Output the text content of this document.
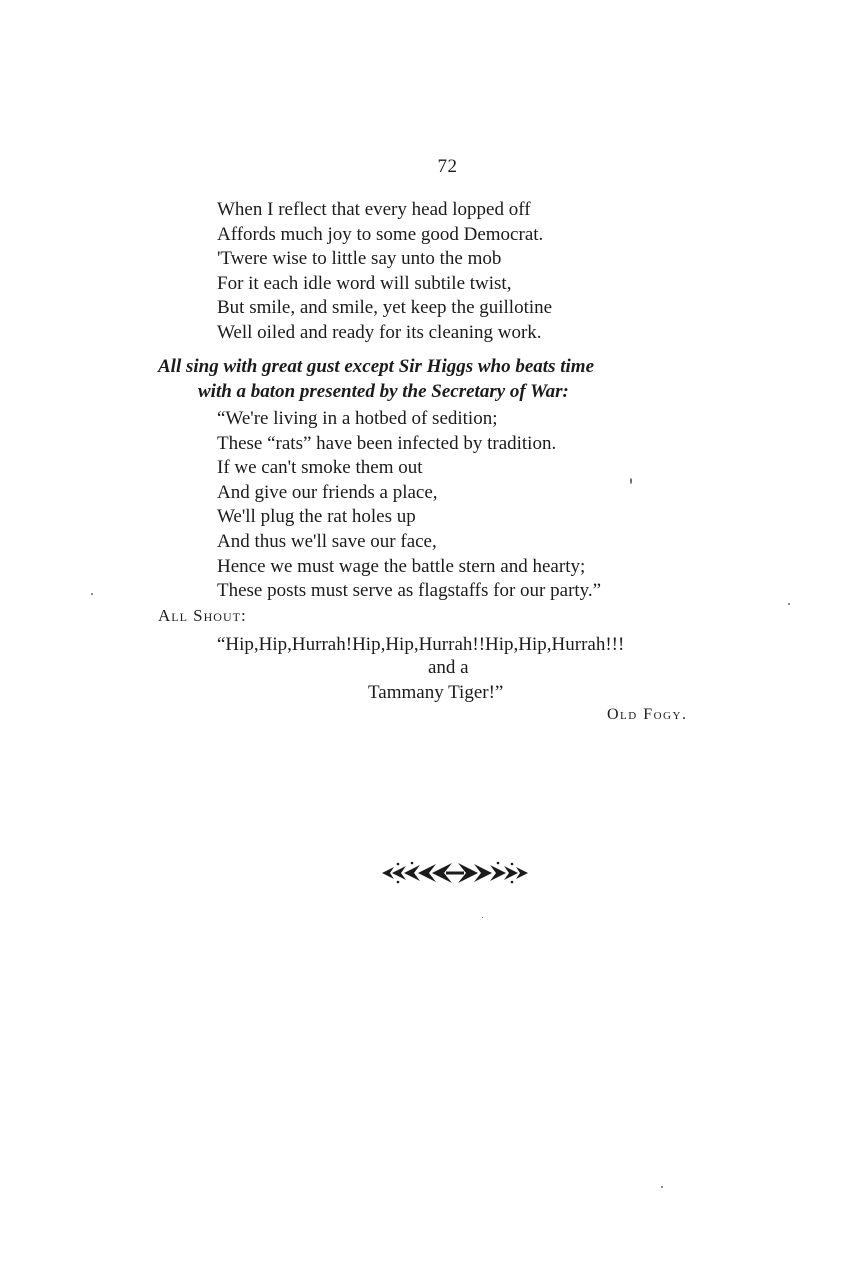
72
When I reflect that every head lopped off
Affords much joy to some good Democrat.
'Twere wise to little say unto the mob
For it each idle word will subtile twist,
But smile, and smile, yet keep the guillotine
Well oiled and ready for its cleaning work.
All sing with great gust except Sir Higgs who beats time
with a baton presented by the Secretary of War:
“We're living in a hotbed of sedition;
These “rats” have been infected by tradition.
If we can't smoke them out
And give our friends a place,
We'll plug the rat holes up
And thus we'll save our face,
Hence we must wage the battle stern and hearty;
These posts must serve as flagstaffs for our party.”
All Shout:
“Hip,Hip,Hurrah!Hip,Hip,Hurrah!!Hip,Hip,Hurrah!!!
and a
Tammany Tiger!”
Old Fogy.
